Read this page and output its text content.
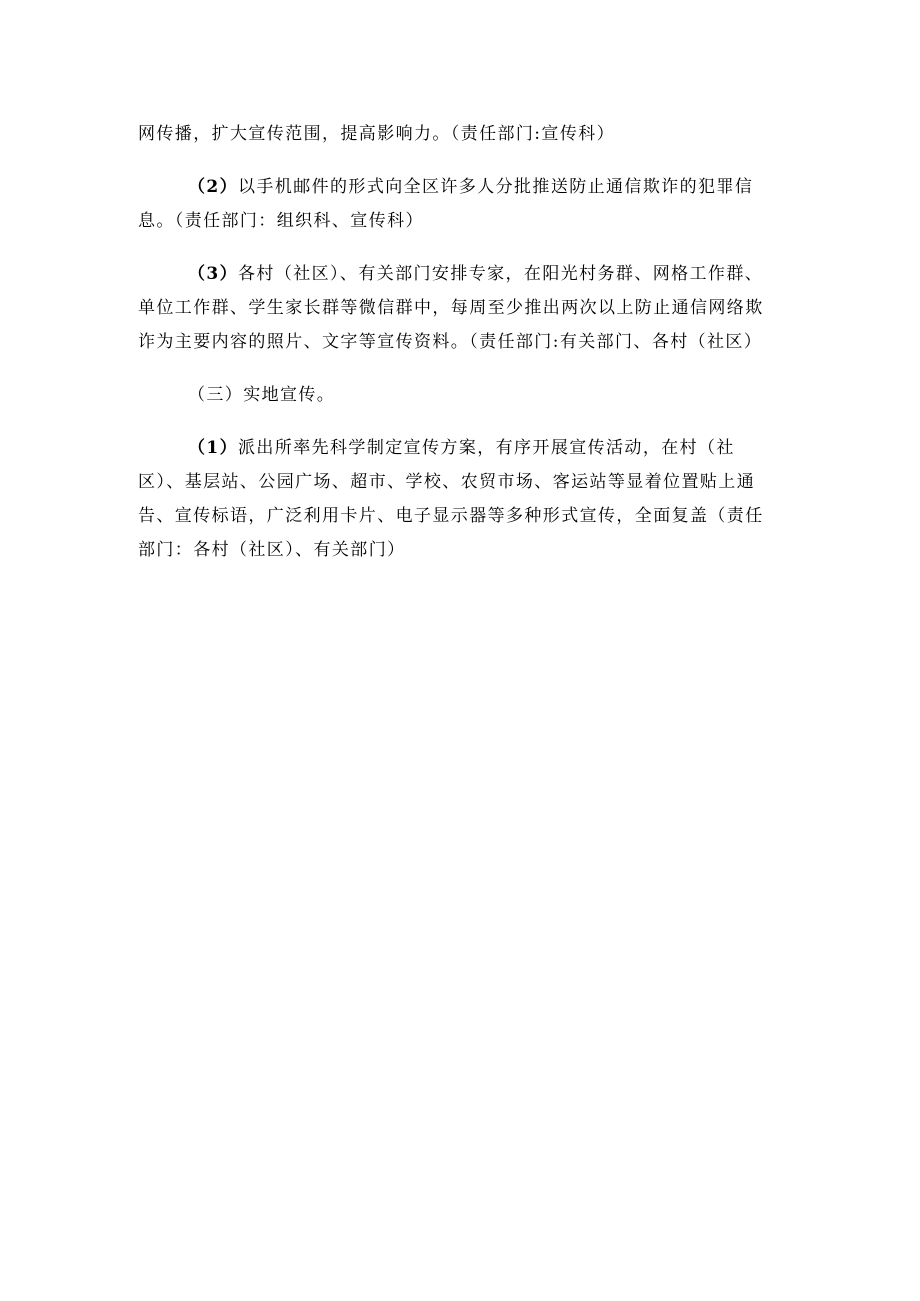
网传播，扩大宣传范围，提高影响力。（责任部门:宣传科）
（2）以手机邮件的形式向全区许多人分批推送防止通信欺诈的犯罪信
息。（责任部门：组织科、宣传科）
（3）各村（社区）、有关部门安排专家，在阳光村务群、网格工作群、
单位工作群、学生家长群等微信群中，每周至少推出两次以上防止通信网络欺
诈为主要内容的照片、文字等宣传资料。（责任部门:有关部门、各村（社区）
（三）实地宣传。
（1）派出所率先科学制定宣传方案，有序开展宣传活动，在村（社
区）、基层站、公园广场、超市、学校、农贸市场、客运站等显着位置贴上通
告、宣传标语，广泛利用卡片、电子显示器等多种形式宣传，全面复盖（责任
部门：各村（社区）、有关部门）
